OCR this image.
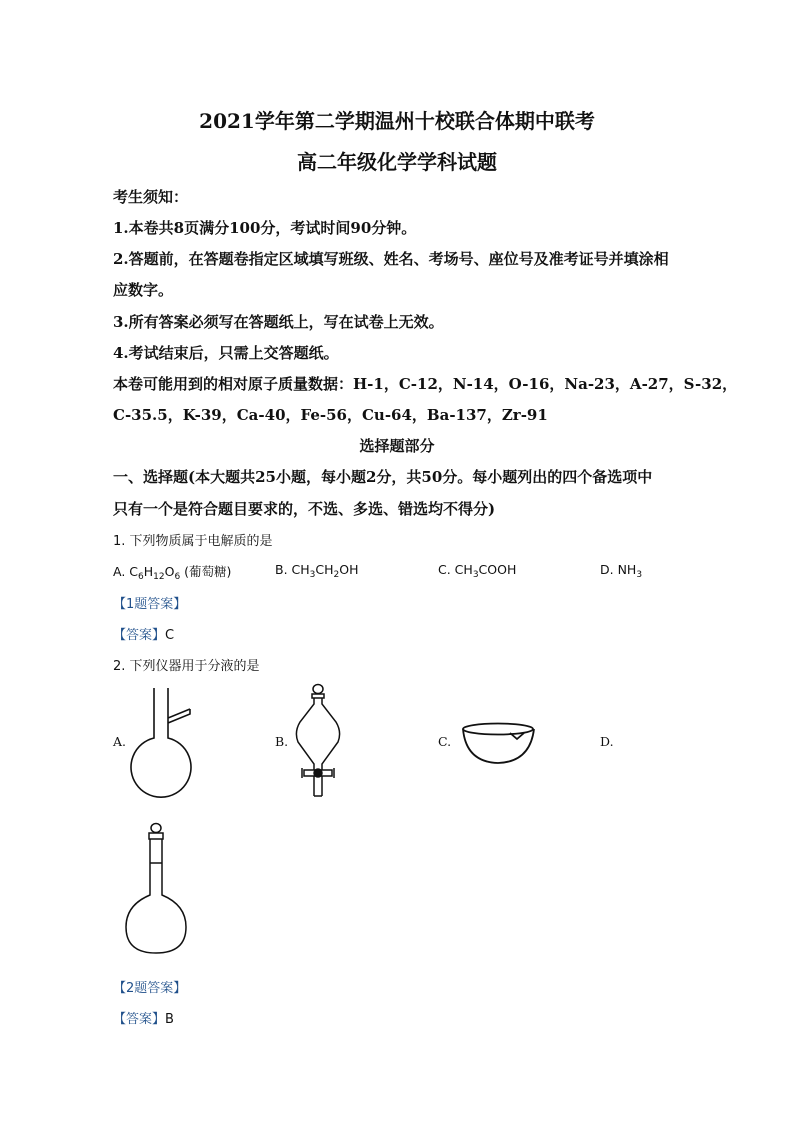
2021学年第二学期温州十校联合体期中联考
高二年级化学学科试题
考生须知：
1.本卷共8页满分100分，考试时间90分钟。
2.答题前，在答题卷指定区域填写班级、姓名、考场号、座位号及准考证号并填涂相
应数字。
3.所有答案必须写在答题纸上，写在试卷上无效。
4.考试结束后，只需上交答题纸。
本卷可能用到的相对原子质量数据：H-1，C-12，N-14，O-16，Na-23，A-27，S-32，
C-35.5，K-39，Ca-40，Fe-56，Cu-64，Ba-137，Zr-91
选择题部分
一、选择题(本大题共25小题，每小题2分，共50分。每小题列出的四个备选项中
只有一个是符合题目要求的，不选、多选、错选均不得分)
1. 下列物质属于电解质的是
A. $C_6H_{12}O_6$ (葡萄糖)	B. $CH_3CH_2OH$	C. $CH_3COOH$	D. $NH_3$
【1题答案】
【答案】C
2. 下列仪器用于分液的是
A.	B.	C.	D.
【2题答案】
【答案】B
